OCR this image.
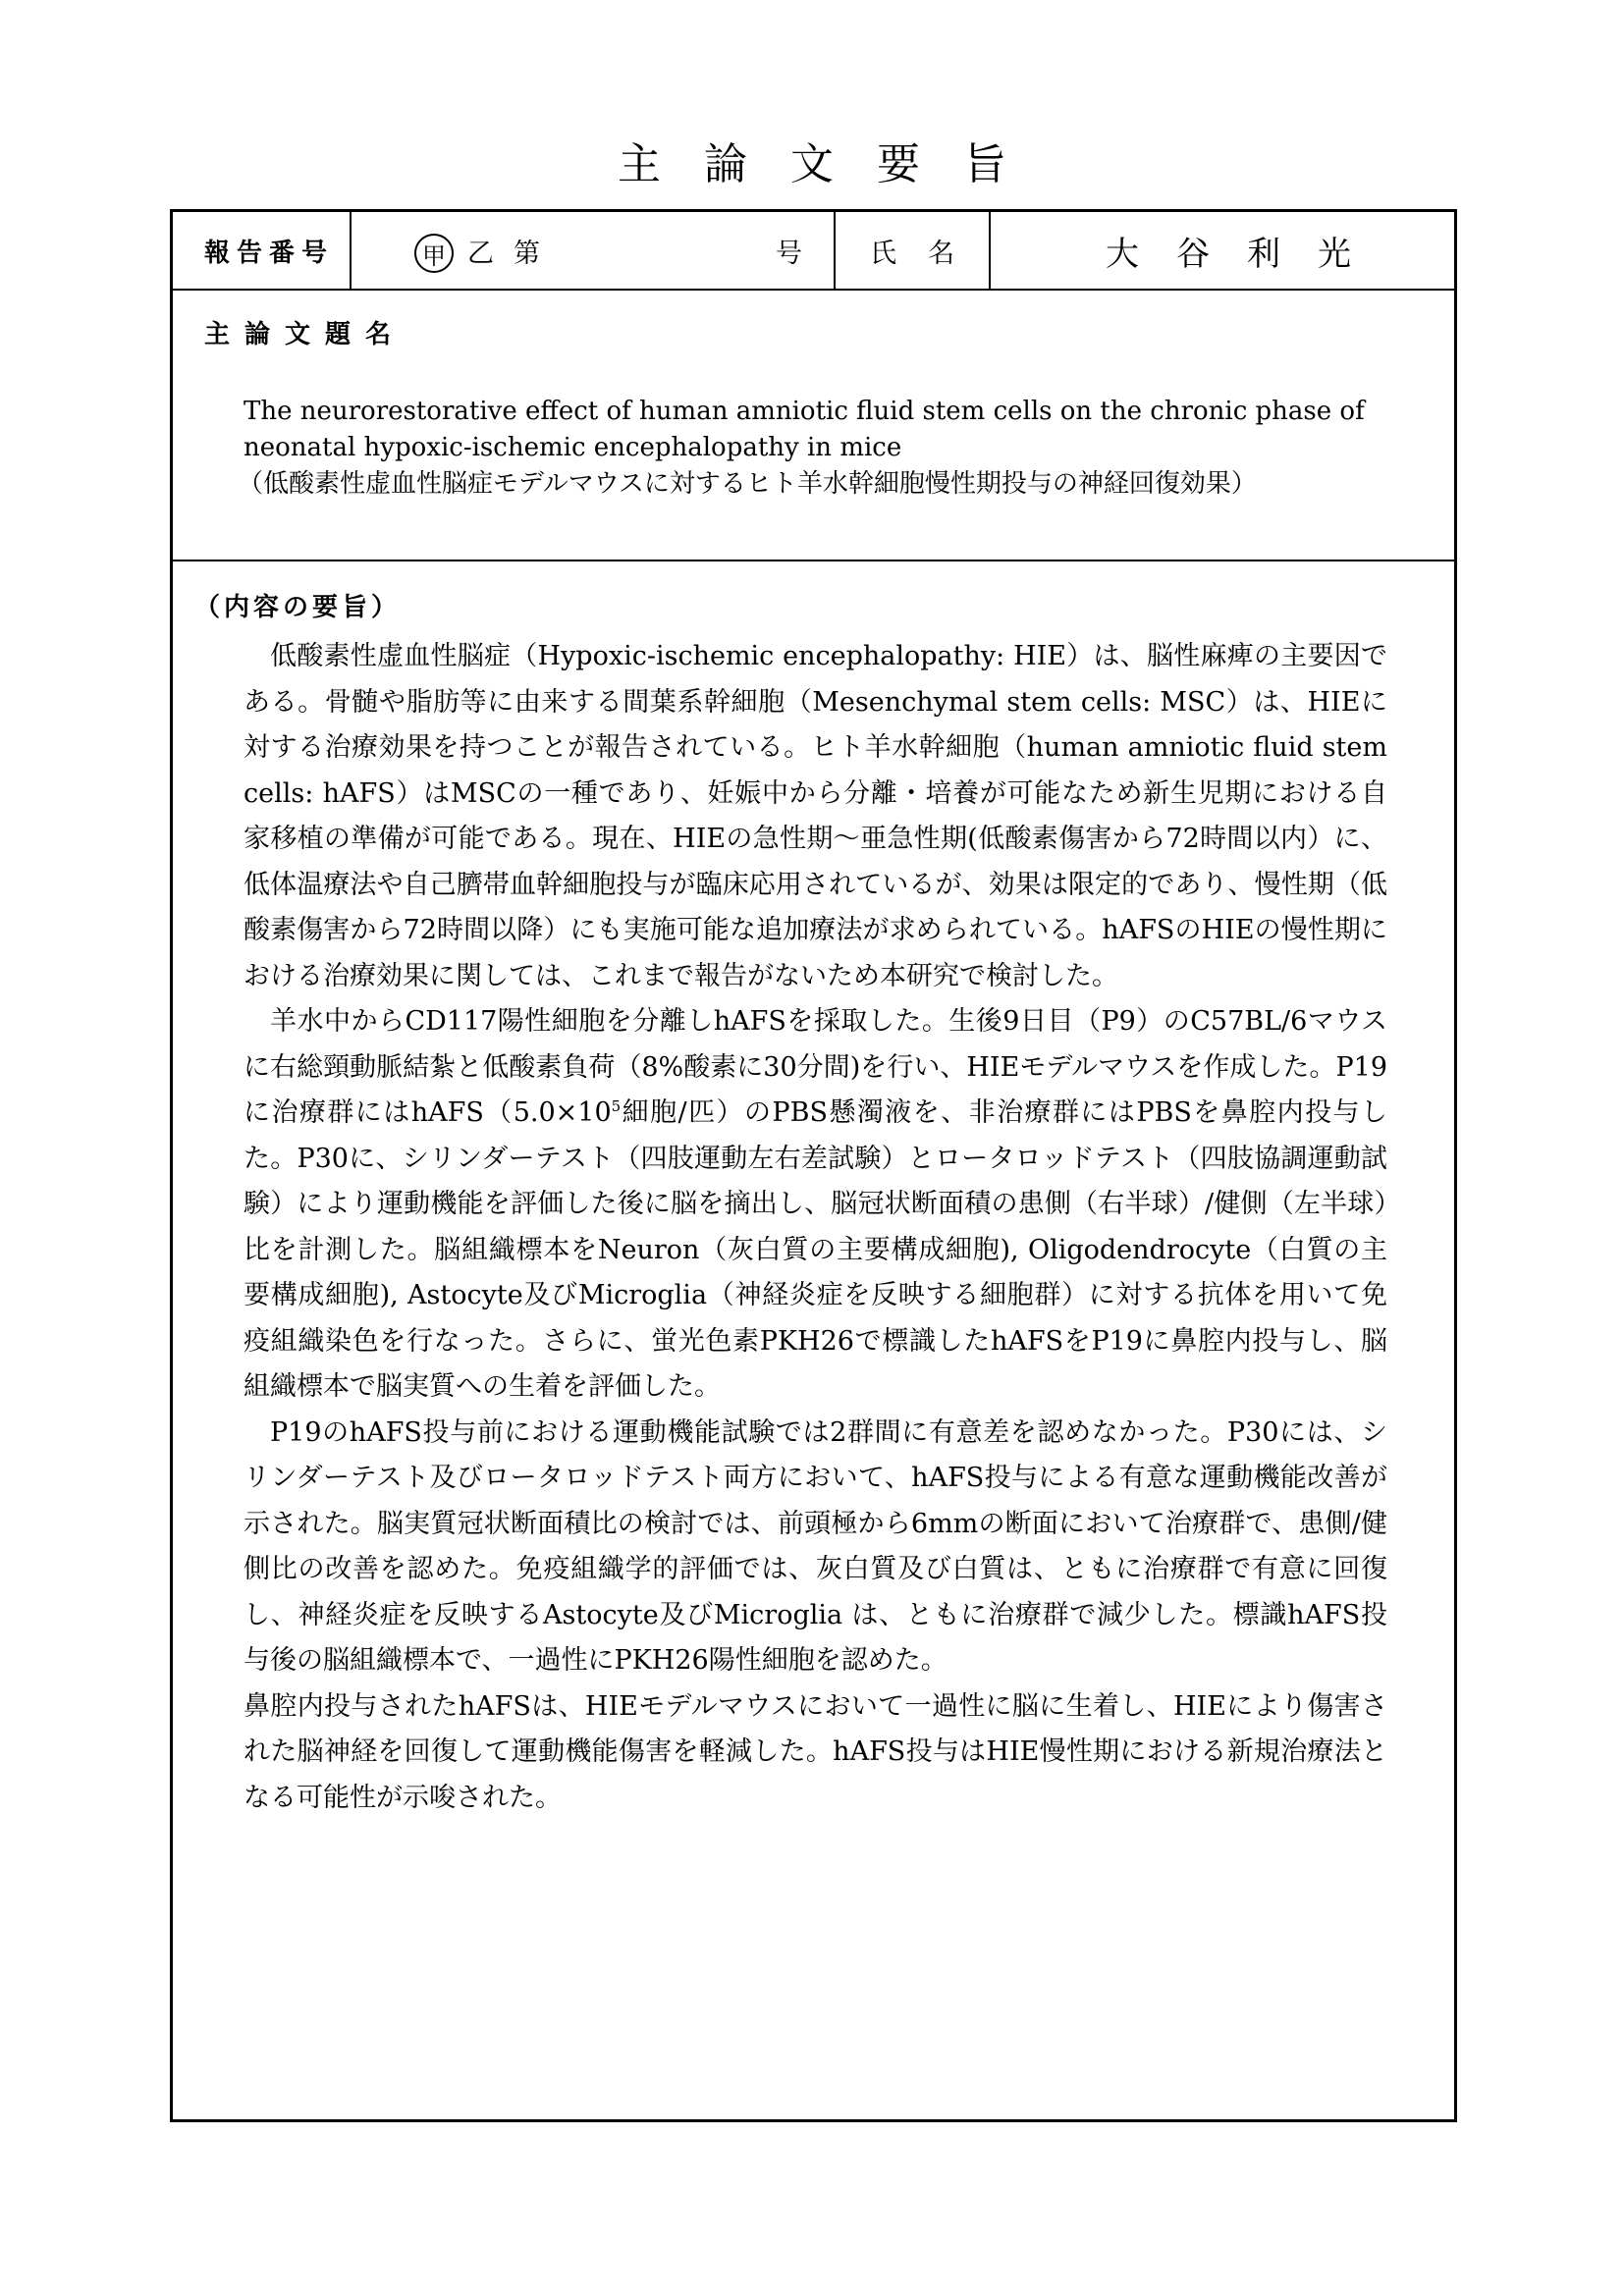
主論文要旨
報告番号	甲 乙 第	号	氏名	大谷利光
主論文題名
The neurorestorative effect of human amniotic fluid stem cells on the chronic phase of
neonatal hypoxic-ischemic encephalopathy in mice
（低酸素性虚血性脳症モデルマウスに対するヒト羊水幹細胞慢性期投与の神経回復効果）
（内容の要旨）

低酸素性虚血性脳症（Hypoxic-ischemic encephalopathy: HIE）は、脳性麻痺の主要因である。骨髄や脂肪等に由来する間葉系幹細胞（Mesenchymal stem cells: MSC）は、HIEに対する治療効果を持つことが報告されている。ヒト羊水幹細胞（human amniotic fluid stem cells: hAFS）はMSCの一種であり、妊娠中から分離・培養が可能なため新生児期における自家移植の準備が可能である。現在、HIEの急性期～亜急性期(低酸素傷害から72時間以内）に、低体温療法や自己臍帯血幹細胞投与が臨床応用されているが、効果は限定的であり、慢性期（低酸素傷害から72時間以降）にも実施可能な追加療法が求められている。hAFSのHIEの慢性期における治療効果に関しては、これまで報告がないため本研究で検討した。

羊水中からCD117陽性細胞を分離しhAFSを採取した。生後9日目（P9）のC57BL/6マウスに右総頸動脈結紮と低酸素負荷（8%酸素に30分間)を行い、HIEモデルマウスを作成した。P19に治療群には$hAFS(5.0\times 10^5$細胞/匹）のPBS懸濁液を、非治療群にはPBSを鼻腔内投与した。P30に、シリンダーテスト（四肢運動左右差試験）とロータロッドテスト（四肢協調運動試験）により運動機能を評価した後に脳を摘出し、脳冠状断面積の患側（右半球）/健側（左半球）比を計測した。脳組織標本をNeuron（灰白質の主要構成細胞), Oligodendrocyte（白質の主要構成細胞), Astocyte及びMicroglia（神経炎症を反映する細胞群）に対する抗体を用いて免疫組織染色を行なった。さらに、蛍光色素PKH26で標識したhAFSをP19に鼻腔内投与し、脳組織標本で脳実質への生着を評価した。

P19のhAFS投与前における運動機能試験では2群間に有意差を認めなかった。P30には、シリンダーテスト及びロータロッドテスト両方において、hAFS投与による有意な運動機能改善が示された。脳実質冠状断面積比の検討では、前頭極から6mmの断面において治療群で、患側/健側比の改善を認めた。免疫組織学的評価では、灰白質及び白質は、ともに治療群で有意に回復し、神経炎症を反映するAstocyte及びMicroglia は、ともに治療群で減少した。標識hAFS投与後の脳組織標本で、一過性にPKH26陽性細胞を認めた。

鼻腔内投与されたhAFSは、HIEモデルマウスにおいて一過性に脳に生着し、HIEにより傷害された脳神経を回復して運動機能傷害を軽減した。hAFS投与はHIE慢性期における新規治療法となる可能性が示唆された。
